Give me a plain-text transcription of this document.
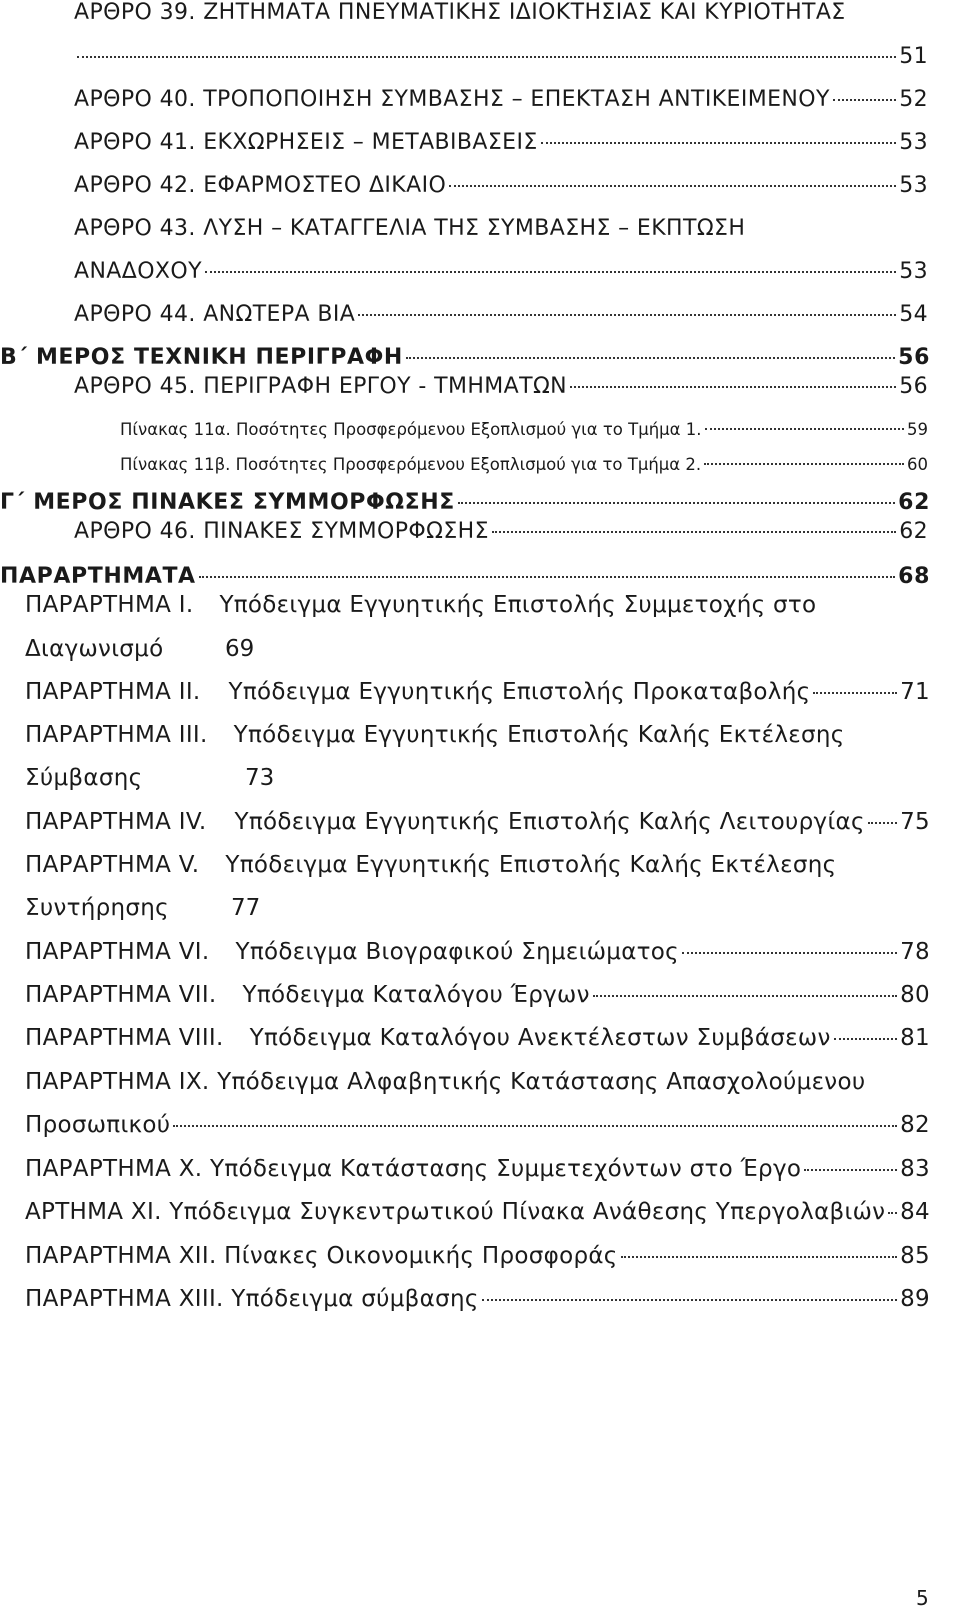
ΑΡΘΡΟ 39. ΖΗΤΗΜΑΤΑ ΠΝΕΥΜΑΤΙΚΗΣ ΙΔΙΟΚΤΗΣΙΑΣ ΚΑΙ ΚΥΡΙΟΤΗΤΑΣ
51
ΑΡΘΡΟ 40. ΤΡΟΠΟΠΟΙΗΣΗ ΣΥΜΒΑΣΗΣ – ΕΠΕΚΤΑΣΗ ΑΝΤΙΚΕΙΜΕΝΟΥ	52
ΑΡΘΡΟ 41. ΕΚΧΩΡΗΣΕΙΣ – ΜΕΤΑΒΙΒΑΣΕΙΣ	53
ΑΡΘΡΟ 42. ΕΦΑΡΜΟΣΤΕΟ ΔΙΚΑΙΟ	53
ΑΡΘΡΟ 43. ΛΥΣΗ – ΚΑΤΑΓΓΕΛΙΑ ΤΗΣ ΣΥΜΒΑΣΗΣ – ΕΚΠΤΩΣΗ
ΑΝΑΔΟΧΟΥ	53
ΑΡΘΡΟ 44. ΑΝΩΤΕΡΑ ΒΙΑ	54
Β΄ ΜΕΡΟΣ ΤΕΧΝΙΚΗ ΠΕΡΙΓΡΑΦΗ	56
ΑΡΘΡΟ 45. ΠΕΡΙΓΡΑΦΗ ΕΡΓΟΥ - ΤΜΗΜΑΤΩΝ	56
Πίνακας 11α. Ποσότητες Προσφερόμενου Εξοπλισμού για το Τμήμα 1.	59
Πίνακας 11β. Ποσότητες Προσφερόμενου Εξοπλισμού για το Τμήμα 2.	60
Γ΄ ΜΕΡΟΣ ΠΙΝΑΚΕΣ ΣΥΜΜΟΡΦΩΣΗΣ	62
ΑΡΘΡΟ 46. ΠΙΝΑΚΕΣ ΣΥΜΜΟΡΦΩΣΗΣ	62
ΠΑΡΑΡΤΗΜΑΤΑ	68
ΠΑΡΑΡΤΗΜΑ Ι. Υπόδειγμα Εγγυητικής Επιστολής Συμμετοχής στο
Διαγωνισμό	69
ΠΑΡΑΡΤΗΜΑ ΙΙ. Υπόδειγμα Εγγυητικής Επιστολής Προκαταβολής	71
ΠΑΡΑΡΤΗΜΑ ΙΙΙ. Υπόδειγμα Εγγυητικής Επιστολής Καλής Εκτέλεσης
Σύμβασης	73
ΠΑΡΑΡΤΗΜΑ ΙV. Υπόδειγμα Εγγυητικής Επιστολής Καλής Λειτουργίας 75
ΠΑΡΑΡΤΗΜΑ V. Υπόδειγμα Εγγυητικής Επιστολής Καλής Εκτέλεσης
Συντήρησης	77
ΠΑΡΑΡΤΗΜΑ VΙ. Υπόδειγμα Βιογραφικού Σημειώματος	78
ΠΑΡΑΡΤΗΜΑ VΙΙ. Υπόδειγμα Καταλόγου Έργων	80
ΠΑΡΑΡΤΗΜΑ VΙΙΙ. Υπόδειγμα Καταλόγου Ανεκτέλεστων Συμβάσεων	81
ΠΑΡΑΡΤΗΜΑ ΙΧ. Υπόδειγμα Αλφαβητικής Κατάστασης Απασχολούμενου
Προσωπικού	82
ΠΑΡΑΡΤΗΜΑ Χ. Υπόδειγμα Κατάστασης Συμμετεχόντων στο Έργο	83
ΑΡΤΗΜΑ ΧΙ. Υπόδειγμα Συγκεντρωτικού Πίνακα Ανάθεσης Υπεργολαβιών 84
ΠΑΡΑΡΤΗΜΑ ΧΙΙ. Πίνακες Οικονομικής Προσφοράς	85
ΠΑΡΑΡΤΗΜΑ ΧΙΙΙ. Υπόδειγμα σύμβασης	89
5
